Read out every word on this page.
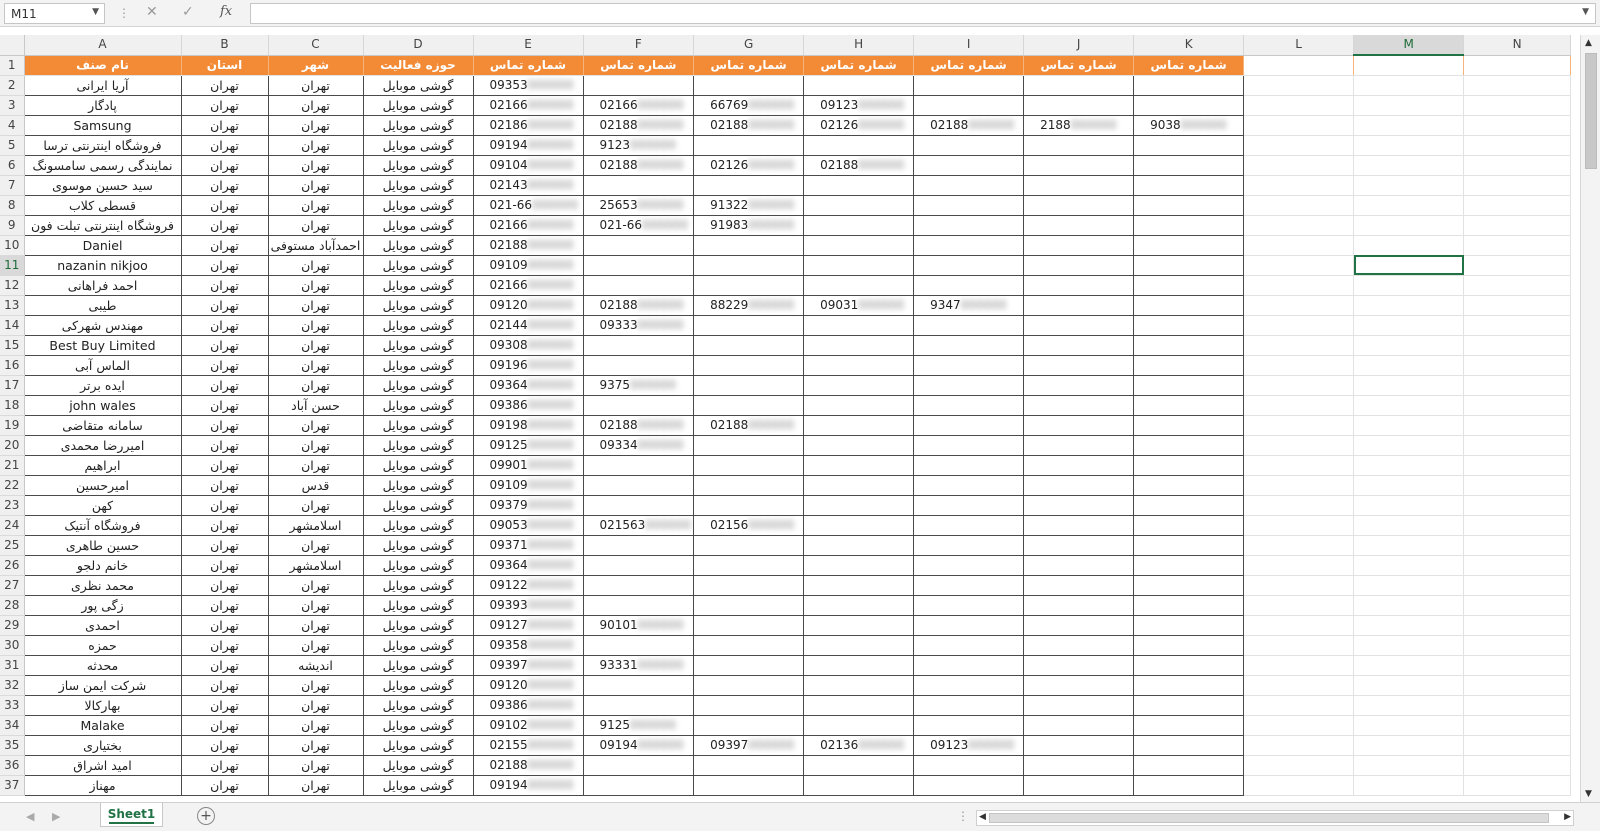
M11	▼ ⋮ ✕ ✓ fx	▼
	A	B	C	D	E	F	G	H	I	J	K	L	M	N
1	نام صنف	استان	شهر	حوزه فعالیت	شماره تماس	شماره تماس	شماره تماس	شماره تماس	شماره تماس	شماره تماس	شماره تماس			
2	آریا ایرانی	تهران	تهران	گوشی موبایل	09353000000									
3	پادگار	تهران	تهران	گوشی موبایل	02166000000	02166000000	66769000000	09123000000						
4	Samsung	تهران	تهران	گوشی موبایل	02186000000	02188000000	02188000000	02126000000	02188000000	2188000000	9038000000			
5	فروشگاه اینترنتی ترسا	تهران	تهران	گوشی موبایل	09194000000	9123000000								
6	نمایندگی رسمی سامسونگ	تهران	تهران	گوشی موبایل	09104000000	02188000000	02126000000	02188000000						
7	سید حسین موسوی	تهران	تهران	گوشی موبایل	02143000000									
8	قسطی کلاب	تهران	تهران	گوشی موبایل	021-66000000	25653000000	91322000000							
9	فروشگاه اینترنتی تبلت فون	تهران	تهران	گوشی موبایل	02166000000	021-66000000	91983000000							
10	Daniel	تهران	احمدآباد مستوفی	گوشی موبایل	02188000000									
11	nazanin nikjoo	تهران	تهران	گوشی موبایل	09109000000									
12	احمد فراهانی	تهران	تهران	گوشی موبایل	02166000000									
13	طیبی	تهران	تهران	گوشی موبایل	09120000000	02188000000	88229000000	09031000000	9347000000					
14	مهندس شهرکی	تهران	تهران	گوشی موبایل	02144000000	09333000000								
15	Best Buy Limited	تهران	تهران	گوشی موبایل	09308000000									
16	الماس آبی	تهران	تهران	گوشی موبایل	09196000000									
17	ایده برتر	تهران	تهران	گوشی موبایل	09364000000	9375000000								
18	john wales	تهران	حسن آباد	گوشی موبایل	09386000000									
19	سامانه متقاضی	تهران	تهران	گوشی موبایل	09198000000	02188000000	02188000000							
20	امیررضا محمدی	تهران	تهران	گوشی موبایل	09125000000	09334000000								
21	ابراهیم	تهران	تهران	گوشی موبایل	09901000000									
22	امیرحسین	تهران	قدس	گوشی موبایل	09109000000									
23	کهن	تهران	تهران	گوشی موبایل	09379000000									
24	فروشگاه آنتیک	تهران	اسلامشهر	گوشی موبایل	09053000000	021563000000	02156000000							
25	حسین طاهری	تهران	تهران	گوشی موبایل	09371000000									
26	خانم دلجو	تهران	اسلامشهر	گوشی موبایل	09364000000									
27	محمد نظری	تهران	تهران	گوشی موبایل	09122000000									
28	زگی پور	تهران	تهران	گوشی موبایل	09393000000									
29	احمدی	تهران	تهران	گوشی موبایل	09127000000	90101000000								
30	حمزه	تهران	تهران	گوشی موبایل	09358000000									
31	محدثه	تهران	اندیشه	گوشی موبایل	09397000000	93331000000								
32	شرکت ایمن ساز	تهران	تهران	گوشی موبایل	09120000000									
33	بهارکالا	تهران	تهران	گوشی موبایل	09386000000									
34	Malake	تهران	تهران	گوشی موبایل	09102000000	9125000000								
35	بختیاری	تهران	تهران	گوشی موبایل	02155000000	09194000000	09397000000	02136000000	09123000000					
36	امید اشراق	تهران	تهران	گوشی موبایل	02188000000									
37	مهناز	تهران	تهران	گوشی موبایل	09194000000									
▲
▼
◀ ▶	Sheet1	+	⋮ ◀	▶
